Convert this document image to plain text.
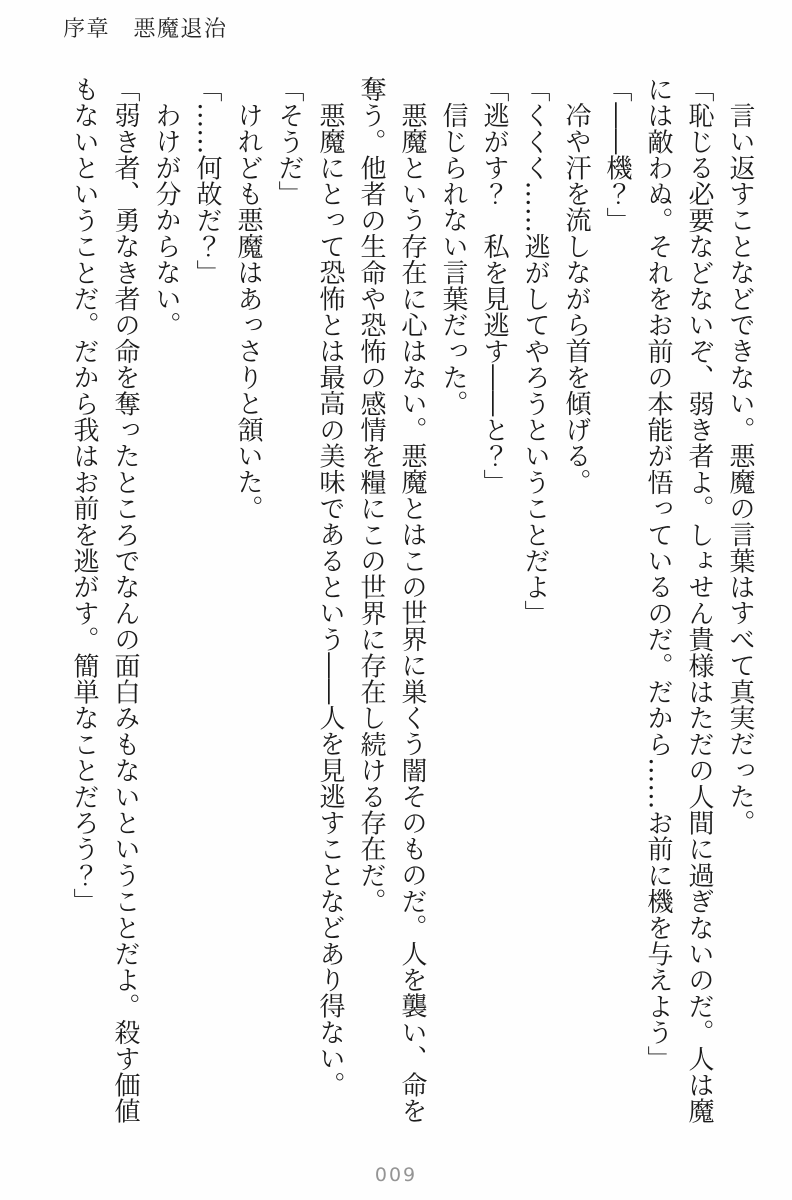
序章　悪魔退治

言い返すことなどできない。悪魔の言葉はすべて真実だった。

「恥じる必要などないぞ、弱き者よ。しょせん貴様はただの人間に過ぎないのだ。人は魔には敵わぬ。それをお前の本能が悟っているのだ。だから……お前に機を与えよう」

「――機？」

冷や汗を流しながら首を傾げる。

「くくく……逃がしてやろうということだよ」

「逃がす？　私を見逃す――と？」

信じられない言葉だった。

悪魔という存在に心はない。悪魔とはこの世界に巣くう闇そのものだ。人を襲い、命を奪う。他者の生命や恐怖の感情を糧にこの世界に存在し続ける存在だ。

悪魔にとって恐怖とは最高の美味であるという――人を見逃すことなどあり得ない。

「そうだ」

けれども悪魔はあっさりと頷いた。

「……何故だ？」

わけが分からない。

「弱き者、勇なき者の命を奪ったところでなんの面白みもないということだよ。殺す価値もないということだ。だから我はお前を逃がす。簡単なことだろう？」

009
